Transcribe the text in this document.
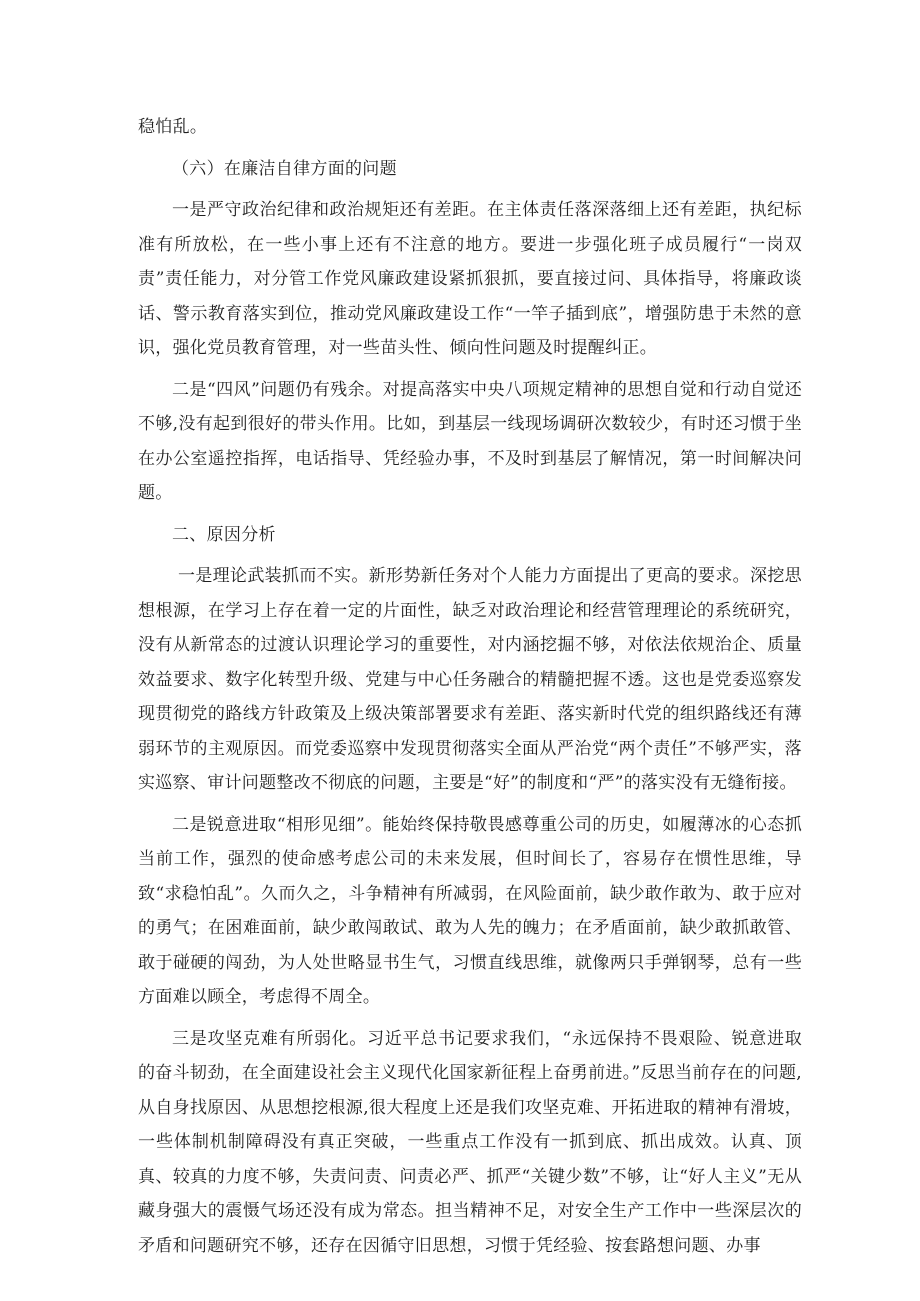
稳怕乱。

（六）在廉洁自律方面的问题

一是严守政治纪律和政治规矩还有差距。在主体责任落深落细上还有差距，执纪标准有所放松，在一些小事上还有不注意的地方。要进一步强化班子成员履行“一岗双责”责任能力，对分管工作党风廉政建设紧抓狠抓，要直接过问、具体指导，将廉政谈话、警示教育落实到位，推动党风廉政建设工作“一竿子插到底”，增强防患于未然的意识，强化党员教育管理，对一些苗头性、倾向性问题及时提醒纠正。

二是“四风”问题仍有残余。对提高落实中央八项规定精神的思想自觉和行动自觉还不够,没有起到很好的带头作用。比如，到基层一线现场调研次数较少，有时还习惯于坐在办公室遥控指挥，电话指导、凭经验办事，不及时到基层了解情况，第一时间解决问题。

二、原因分析

一是理论武装抓而不实。新形势新任务对个人能力方面提出了更高的要求。深挖思想根源，在学习上存在着一定的片面性，缺乏对政治理论和经营管理理论的系统研究，没有从新常态的过渡认识理论学习的重要性，对内涵挖掘不够，对依法依规治企、质量效益要求、数字化转型升级、党建与中心任务融合的精髓把握不透。这也是党委巡察发现贯彻党的路线方针政策及上级决策部署要求有差距、落实新时代党的组织路线还有薄弱环节的主观原因。而党委巡察中发现贯彻落实全面从严治党“两个责任”不够严实，落实巡察、审计问题整改不彻底的问题，主要是“好”的制度和“严”的落实没有无缝衔接。

二是锐意进取“相形见细”。能始终保持敬畏感尊重公司的历史，如履薄冰的心态抓当前工作，强烈的使命感考虑公司的未来发展，但时间长了，容易存在惯性思维，导致“求稳怕乱”。久而久之，斗争精神有所减弱，在风险面前，缺少敢作敢为、敢于应对的勇气；在困难面前，缺少敢闯敢试、敢为人先的魄力；在矛盾面前，缺少敢抓敢管、敢于碰硬的闯劲，为人处世略显书生气，习惯直线思维，就像两只手弹钢琴，总有一些方面难以顾全，考虑得不周全。

三是攻坚克难有所弱化。习近平总书记要求我们，“永远保持不畏艰险、锐意进取的奋斗韧劲，在全面建设社会主义现代化国家新征程上奋勇前进。”反思当前存在的问题,从自身找原因、从思想挖根源,很大程度上还是我们攻坚克难、开拓进取的精神有滑坡，一些体制机制障碍没有真正突破，一些重点工作没有一抓到底、抓出成效。认真、顶真、较真的力度不够，失责问责、问责必严、抓严“关键少数”不够，让“好人主义”无从藏身强大的震慑气场还没有成为常态。担当精神不足，对安全生产工作中一些深层次的矛盾和问题研究不够，还存在因循守旧思想，习惯于凭经验、按套路想问题、办事
